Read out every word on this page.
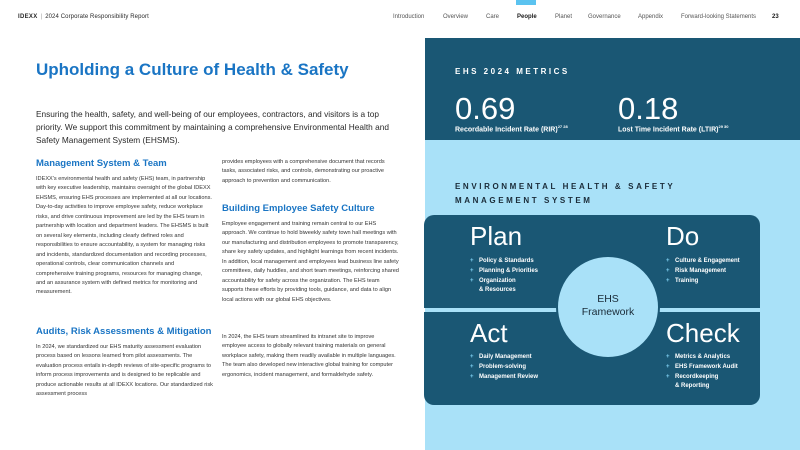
IDEXX | 2024 Corporate Responsibility Report	Introduction	Overview	Care	People	Planet	Governance	Appendix	Forward-looking Statements	23
Upholding a Culture of Health & Safety

Ensuring the health, safety, and well-being of our employees, contractors, and visitors is a top priority. We support this commitment by maintaining a comprehensive Environmental Health and Safety Management System (EHSMS).

Management System & Team

IDEXX's environmental health and safety (EHS) team, in partnership with key executive leadership, maintains oversight of the global IDEXX EHSMS, ensuring EHS processes are implemented at all our locations. Day-to-day activities to improve employee safety, reduce workplace risks, and drive continuous improvement are led by the EHS team in partnership with location and department leaders. The EHSMS is built on several key elements, including clearly defined roles and responsibilities to ensure accountability, a system for managing risks and incidents, standardized documentation and recording processes, operational controls, clear communication channels and comprehensive training programs, resources for managing change, and an assurance system with defined metrics for monitoring and measurement.

Audits, Risk Assessments & Mitigation

In 2024, we standardized our EHS maturity assessment evaluation process based on lessons learned from pilot assessments. The evaluation process entails in-depth reviews of site-specific programs to inform process improvements and is designed to be replicable and produce actionable results at all IDEXX locations. Our standardized risk assessment process

provides employees with a comprehensive document that records tasks, associated risks, and controls, demonstrating our proactive approach to prevention and communication.

Building Employee Safety Culture

Employee engagement and training remain central to our EHS approach. We continue to hold biweekly safety town hall meetings with our manufacturing and distribution employees to promote transparency, share key safety updates, and highlight learnings from recent incidents. In addition, local management and employees lead business line safety committees, daily huddles, and short team meetings, reinforcing shared accountability for safety across the organization. The EHS team supports these efforts by providing tools, guidance, and data to align local actions with our global EHS objectives.

In 2024, the EHS team streamlined its intranet site to improve employee access to globally relevant training materials on general workplace safety, making them readily available in multiple languages. The team also developed new interactive global training for computer ergonomics, incident management, and formaldehyde safety.

EHS 2024 METRICS
0.69
Recordable Incident Rate (RIR)$^{27 28}$
0.18
Lost Time Incident Rate (LTIR)$^{29 30}$
ENVIRONMENTAL HEALTH & SAFETY MANAGEMENT SYSTEM
Plan
+ Policy & Standards
+ Planning & Priorities
+ Organization
& Resources
Do
+ Culture & Engagement
+ Risk Management
+ Training
Act
+ Daily Management
+ Problem-solving
+ Management Review
Check
+ Metrics & Analytics
+ EHS Framework Audit
+ Recordkeeping
& Reporting
EHS
Framework
